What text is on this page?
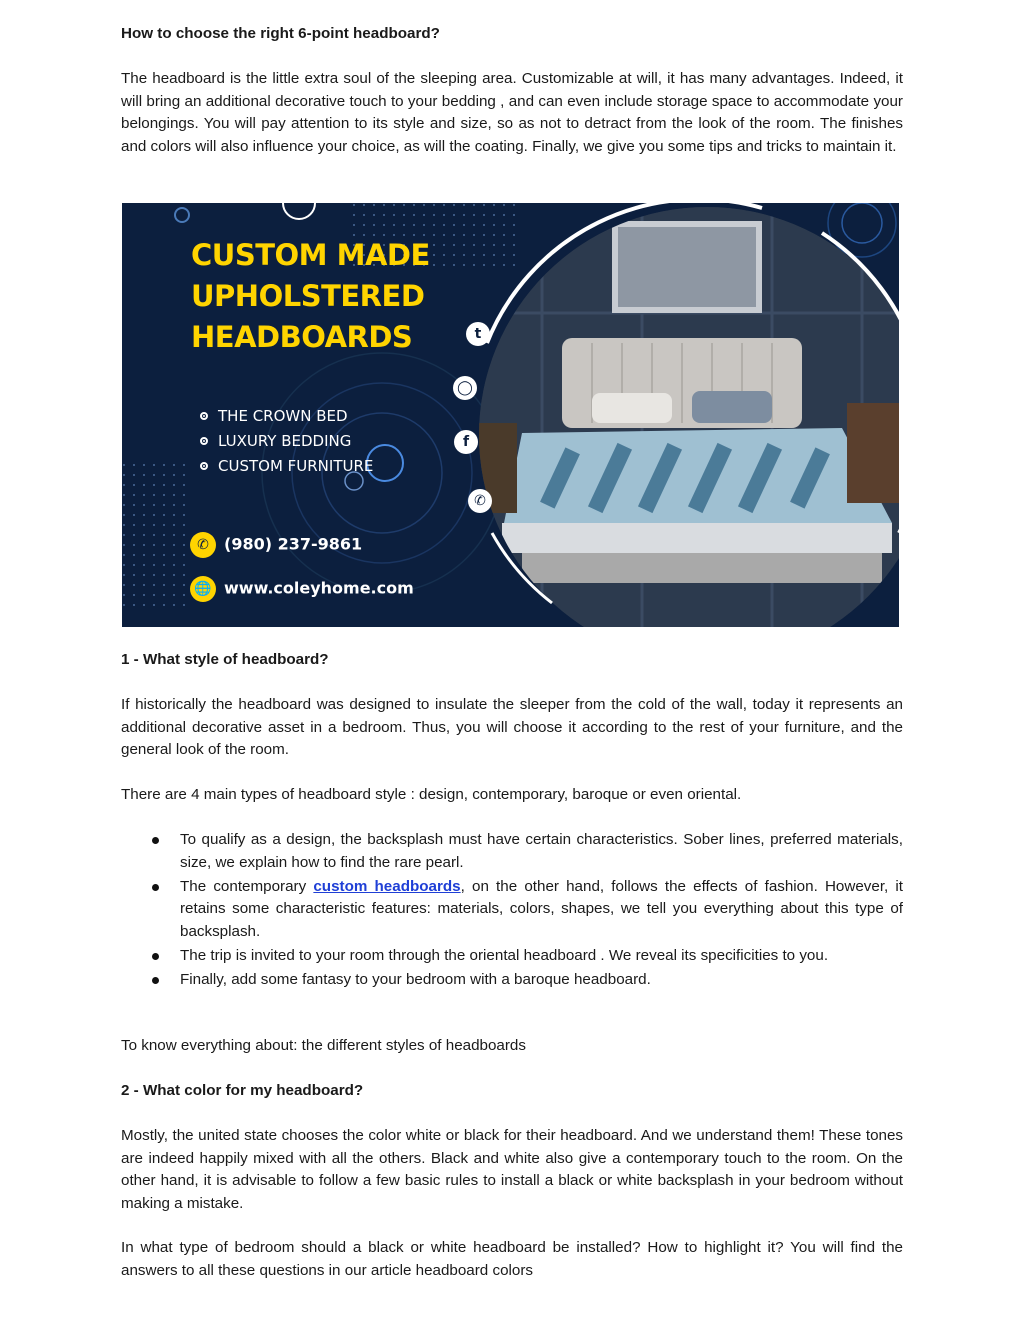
How to choose the right 6-point headboard?

The headboard is the little extra soul of the sleeping area. Customizable at will, it has many advantages. Indeed, it will bring an additional decorative touch to your bedding , and can even include storage space to accommodate your belongings. You will pay attention to its style and size, so as not to detract from the look of the room. The finishes and colors will also influence your choice, as will the coating. Finally, we give you some tips and tricks to maintain it.

1 - What style of headboard?

If historically the headboard was designed to insulate the sleeper from the cold of the wall, today it represents an additional decorative asset in a bedroom. Thus, you will choose it according to the rest of your furniture, and the general look of the room.

There are 4 main types of headboard style : design, contemporary, baroque or even oriental.

To qualify as a design, the backsplash must have certain characteristics. Sober lines, preferred materials, size, we explain how to find the rare pearl.
The contemporary custom headboards, on the other hand, follows the effects of fashion. However, it retains some characteristic features: materials, colors, shapes, we tell you everything about this type of backsplash.
The trip is invited to your room through the oriental headboard . We reveal its specificities to you.
Finally, add some fantasy to your bedroom with a baroque headboard.

To know everything about: the different styles of headboards

2 - What color for my headboard?

Mostly, the united state chooses the color white or black for their headboard. And we understand them! These tones are indeed happily mixed with all the others. Black and white also give a contemporary touch to the room. On the other hand, it is advisable to follow a few basic rules to install a black or white backsplash in your bedroom without making a mistake.

In what type of bedroom should a black or white headboard be installed? How to highlight it? You will find the answers to all these questions in our article headboard colors

CUSTOM MADE
UPHOLSTERED
HEADBOARDS
THE CROWN BED
LUXURY BEDDING
CUSTOM FURNITURE
✆ (980) 237-9861
🌐 www.coleyhome.com
t
◯
f
✆
